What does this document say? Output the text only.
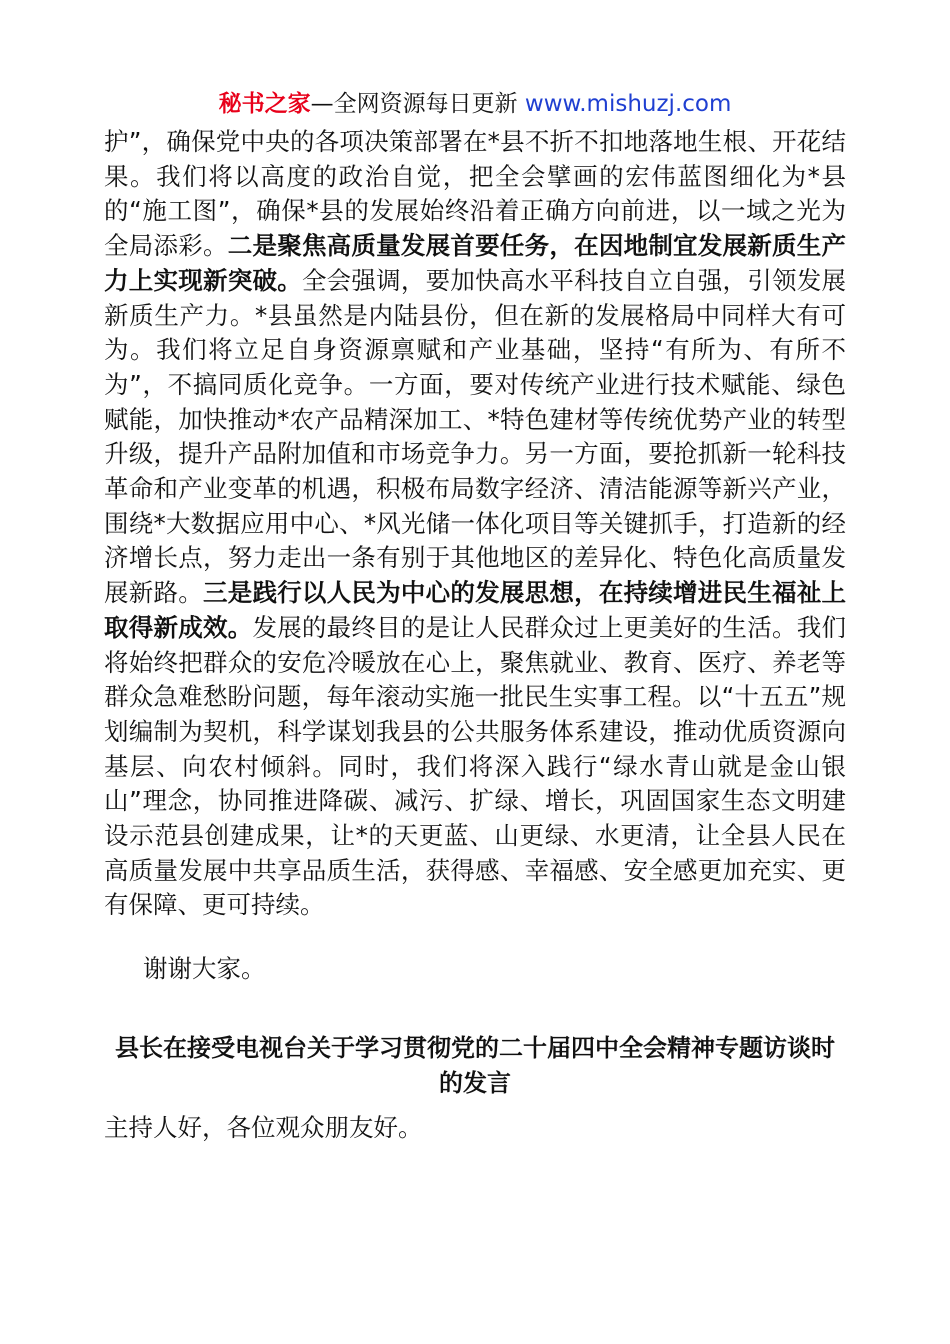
秘书之家—全网资源每日更新 www.mishuzj.com

护”，确保党中央的各项决策部署在*县不折不扣地落地生根、开花结果。我们将以高度的政治自觉，把全会擘画的宏伟蓝图细化为*县的“施工图”，确保*县的发展始终沿着正确方向前进，以一域之光为全局添彩。二是聚焦高质量发展首要任务，在因地制宜发展新质生产力上实现新突破。全会强调，要加快高水平科技自立自强，引领发展新质生产力。*县虽然是内陆县份，但在新的发展格局中同样大有可为。我们将立足自身资源禀赋和产业基础，坚持“有所为、有所不为”，不搞同质化竞争。一方面，要对传统产业进行技术赋能、绿色赋能，加快推动*农产品精深加工、*特色建材等传统优势产业的转型升级，提升产品附加值和市场竞争力。另一方面，要抢抓新一轮科技革命和产业变革的机遇，积极布局数字经济、清洁能源等新兴产业，围绕*大数据应用中心、*风光储一体化项目等关键抓手，打造新的经济增长点，努力走出一条有别于其他地区的差异化、特色化高质量发展新路。三是践行以人民为中心的发展思想，在持续增进民生福祉上取得新成效。发展的最终目的是让人民群众过上更美好的生活。我们将始终把群众的安危冷暖放在心上，聚焦就业、教育、医疗、养老等群众急难愁盼问题，每年滚动实施一批民生实事工程。以“十五五”规划编制为契机，科学谋划我县的公共服务体系建设，推动优质资源向基层、向农村倾斜。同时，我们将深入践行“绿水青山就是金山银山”理念，协同推进降碳、减污、扩绿、增长，巩固国家生态文明建设示范县创建成果，让*的天更蓝、山更绿、水更清，让全县人民在高质量发展中共享品质生活，获得感、幸福感、安全感更加充实、更有保障、更可持续。

谢谢大家。
县长在接受电视台关于学习贯彻党的二十届四中全会精神专题访谈时的发言
主持人好，各位观众朋友好。
